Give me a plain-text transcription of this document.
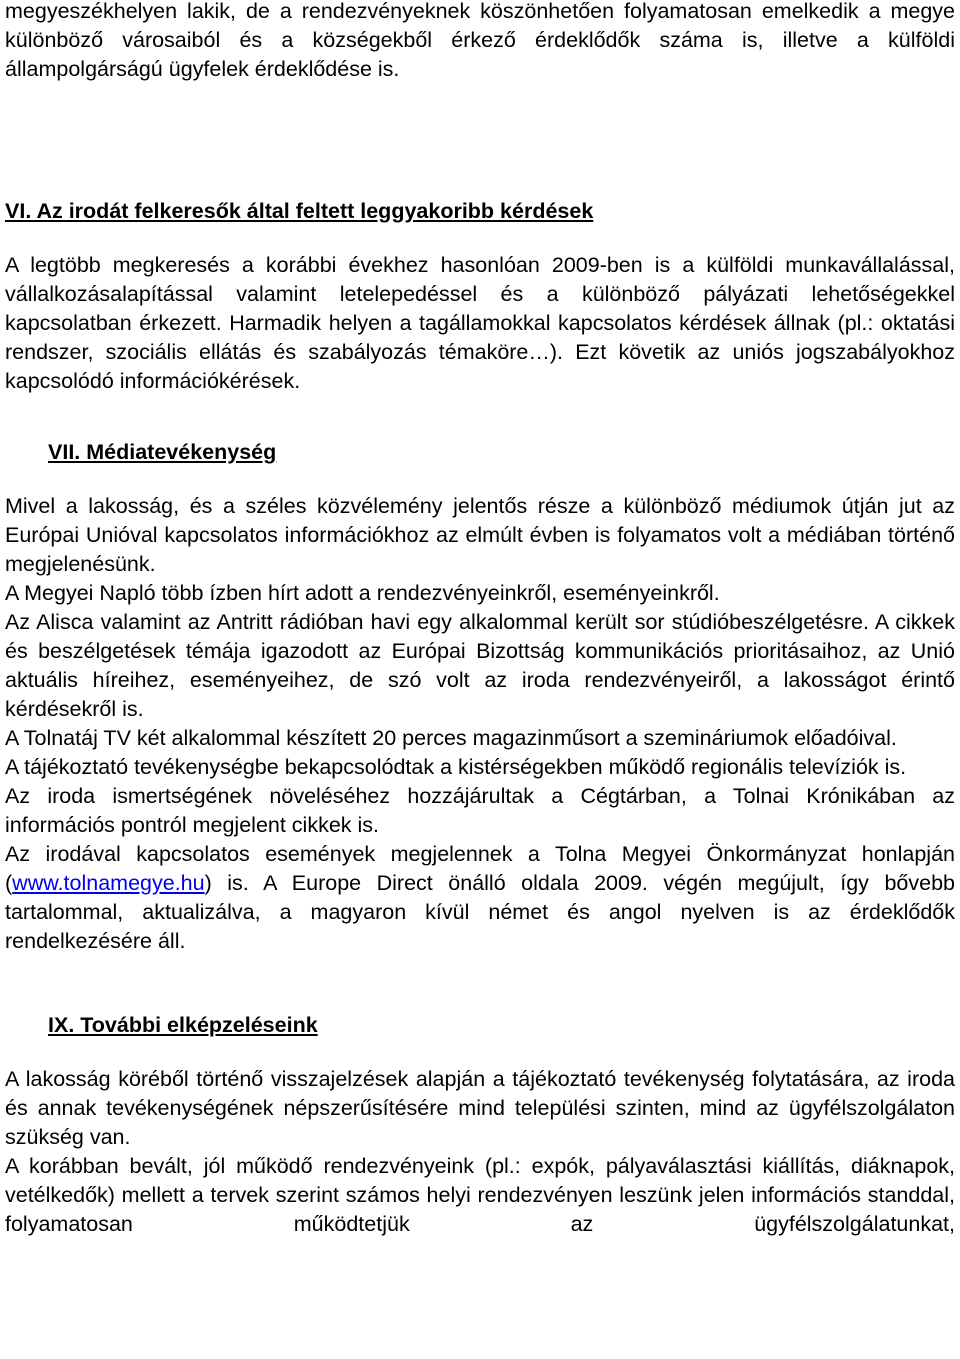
megyeszékhelyen lakik, de a rendezvényeknek köszönhetően folyamatosan emelkedik a megye különböző városaiból és a községekből érkező érdeklődők száma is, illetve a külföldi állampolgárságú ügyfelek érdeklődése is.

VI. Az irodát felkeresők által feltett leggyakoribb kérdések

A legtöbb megkeresés a korábbi évekhez hasonlóan 2009-ben is a külföldi munkavállalással, vállalkozásalapítással valamint letelepedéssel és a különböző pályázati lehetőségekkel kapcsolatban érkezett. Harmadik helyen a tagállamokkal kapcsolatos kérdések állnak (pl.: oktatási rendszer, szociális ellátás és szabályozás témaköre…). Ezt követik az uniós jogszabályokhoz kapcsolódó információkérések.

VII. Médiatevékenység

Mivel a lakosság, és a széles közvélemény jelentős része a különböző médiumok útján jut az Európai Unióval kapcsolatos információkhoz az elmúlt évben is folyamatos volt a médiában történő megjelenésünk.

A Megyei Napló több ízben hírt adott a rendezvényeinkről, eseményeinkről.

Az Alisca valamint az Antritt rádióban havi egy alkalommal került sor stúdióbeszélgetésre. A cikkek és beszélgetések témája igazodott az Európai Bizottság kommunikációs prioritásaihoz, az Unió aktuális híreihez, eseményeihez, de szó volt az iroda rendezvényeiről, a lakosságot érintő kérdésekről is.

A Tolnatáj TV két alkalommal készített 20 perces magazinműsort a szemináriumok előadóival.

A tájékoztató tevékenységbe bekapcsolódtak a kistérségekben működő regionális televíziók is.

Az iroda ismertségének növeléséhez hozzájárultak a Cégtárban, a Tolnai Krónikában az információs pontról megjelent cikkek is.

Az irodával kapcsolatos események megjelennek a Tolna Megyei Önkormányzat honlapján (www.tolnamegye.hu) is. A Europe Direct önálló oldala 2009. végén megújult, így bővebb tartalommal, aktualizálva, a magyaron kívül német és angol nyelven is az érdeklődők rendelkezésére áll.

IX. További elképzeléseink

A lakosság köréből történő visszajelzések alapján a tájékoztató tevékenység folytatására, az iroda és annak tevékenységének népszerűsítésére mind települési szinten, mind az ügyfélszolgálaton szükség van.

A korábban bevált, jól működő rendezvényeink (pl.: expók, pályaválasztási kiállítás, diáknapok, vetélkedők) mellett a tervek szerint számos helyi rendezvényen leszünk jelen információs standdal, folyamatosan működtetjük az ügyfélszolgálatunkat,
